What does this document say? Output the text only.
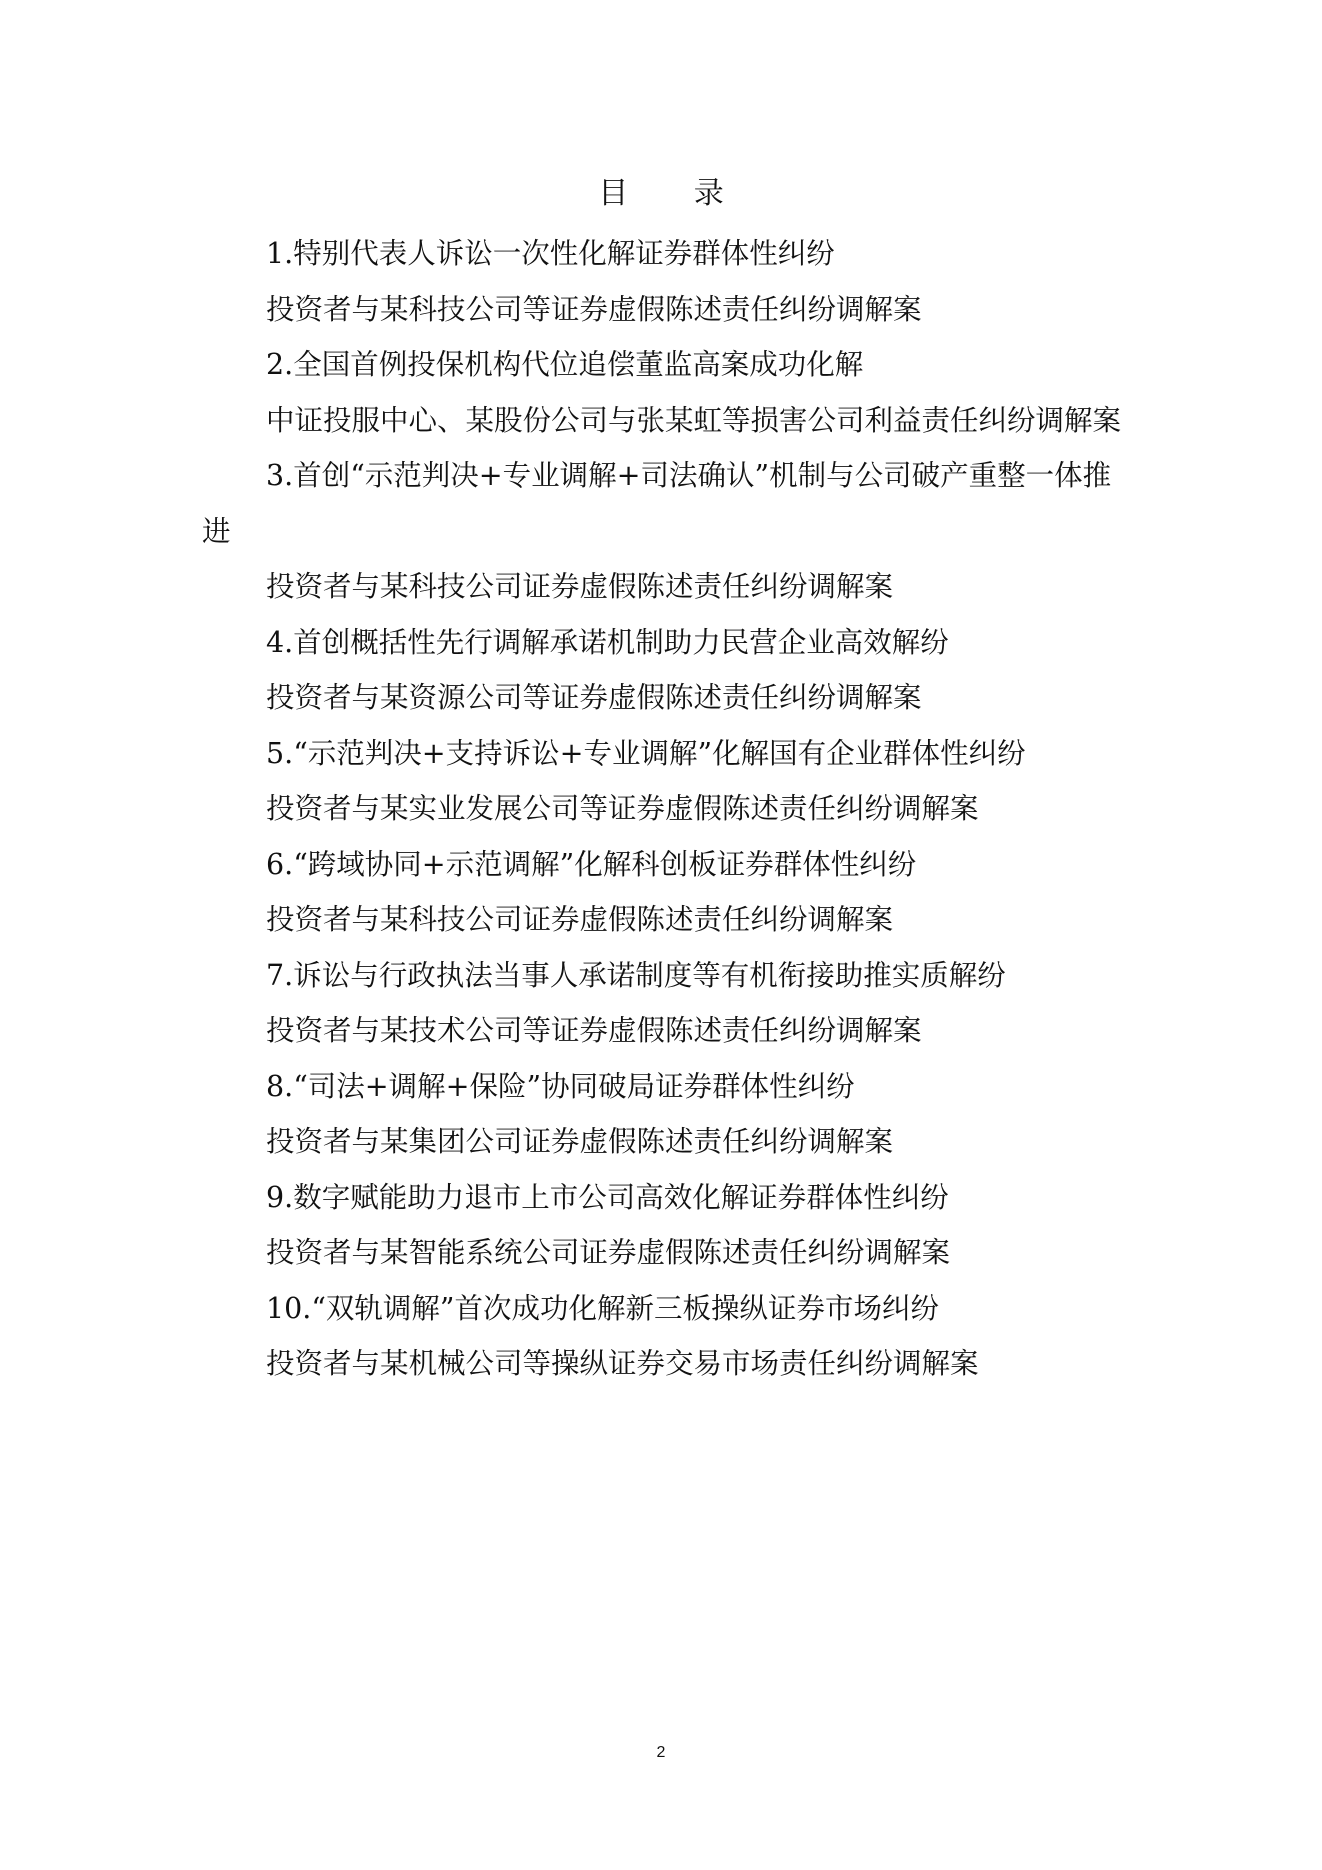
目 录
1.特别代表人诉讼一次性化解证券群体性纠纷
投资者与某科技公司等证券虚假陈述责任纠纷调解案
2.全国首例投保机构代位追偿董监高案成功化解
中证投服中心、某股份公司与张某虹等损害公司利益责任纠纷调解案
3.首创“示范判决+专业调解+司法确认”机制与公司破产重整一体推进
投资者与某科技公司证券虚假陈述责任纠纷调解案
4.首创概括性先行调解承诺机制助力民营企业高效解纷
投资者与某资源公司等证券虚假陈述责任纠纷调解案
5.“示范判决+支持诉讼+专业调解”化解国有企业群体性纠纷
投资者与某实业发展公司等证券虚假陈述责任纠纷调解案
6.“跨域协同+示范调解”化解科创板证券群体性纠纷
投资者与某科技公司证券虚假陈述责任纠纷调解案
7.诉讼与行政执法当事人承诺制度等有机衔接助推实质解纷
投资者与某技术公司等证券虚假陈述责任纠纷调解案
8.“司法+调解+保险”协同破局证券群体性纠纷
投资者与某集团公司证券虚假陈述责任纠纷调解案
9.数字赋能助力退市上市公司高效化解证券群体性纠纷
投资者与某智能系统公司证券虚假陈述责任纠纷调解案
10.“双轨调解”首次成功化解新三板操纵证券市场纠纷
投资者与某机械公司等操纵证券交易市场责任纠纷调解案
2
